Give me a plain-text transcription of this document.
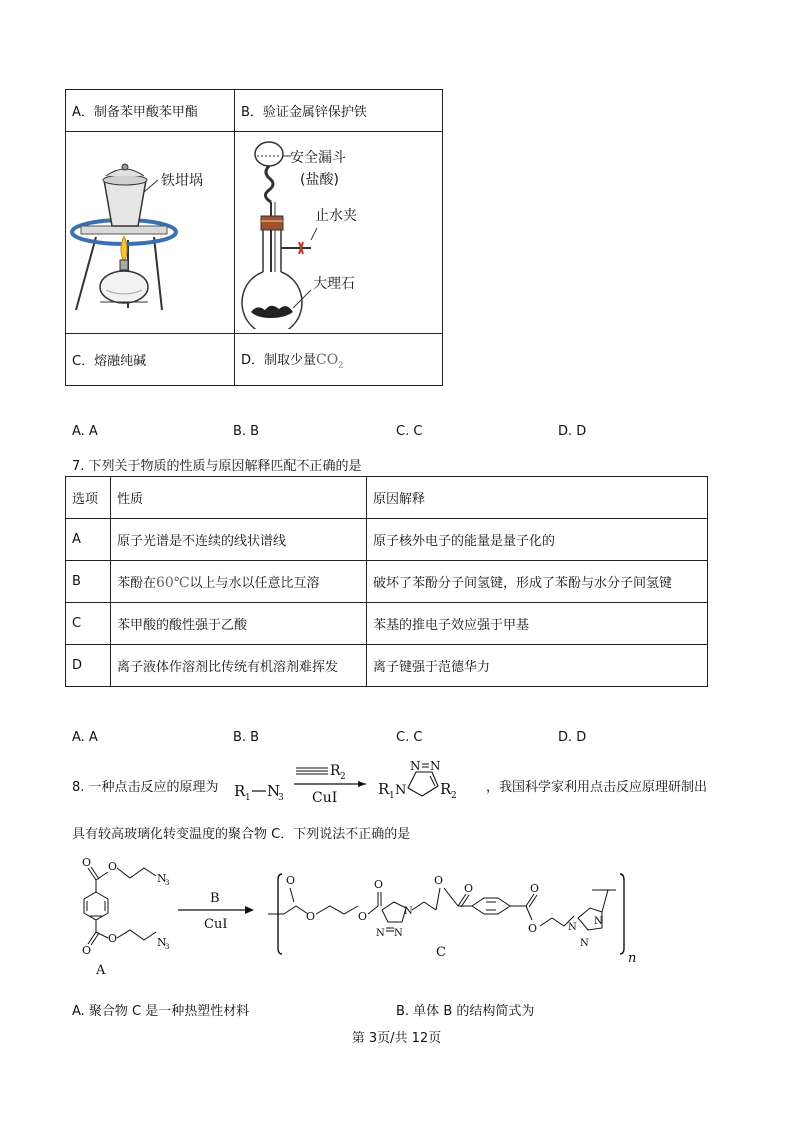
A．制备苯甲酸苯甲酯	B．验证金属锌保护铁

铁坩埚	安全漏斗
(盐酸)
止水夹
大理石

C．熔融纯碱	D．制取少量$CO_2$
A. A	B. B	C. C	D. D
7. 下列关于物质的性质与原因解释匹配不正确的是
选项	性质	原因解释
A	原子光谱是不连续的线状谱线	原子核外电子的能量是量子化的
B	苯酚在60℃以上与水以任意比互溶	破坏了苯酚分子间氢键，形成了苯酚与水分子间氢键
C	苯甲酸的酸性强于乙酸	苯基的推电子效应强于甲基
D	离子液体作溶剂比传统有机溶剂难挥发	离子键强于范德华力
A. A	B. B	C. C	D. D
8. 一种点击反应的原理为 R 1 N
3
R 2
CuI	R 1 N
N N
R 2
，我国科学家利用点击反应原理研制出
具有较高玻璃化转变温度的聚合物 C．下列说法不正确的是
O O
N
3
O
O	N
3
A
B
CuI
O
O	O
O
N N
N
O
O	O
O	N
N
N
n
C
A. 聚合物 C 是一种热塑性材料	B. 单体 B 的结构简式为
第 3页/共 12页
